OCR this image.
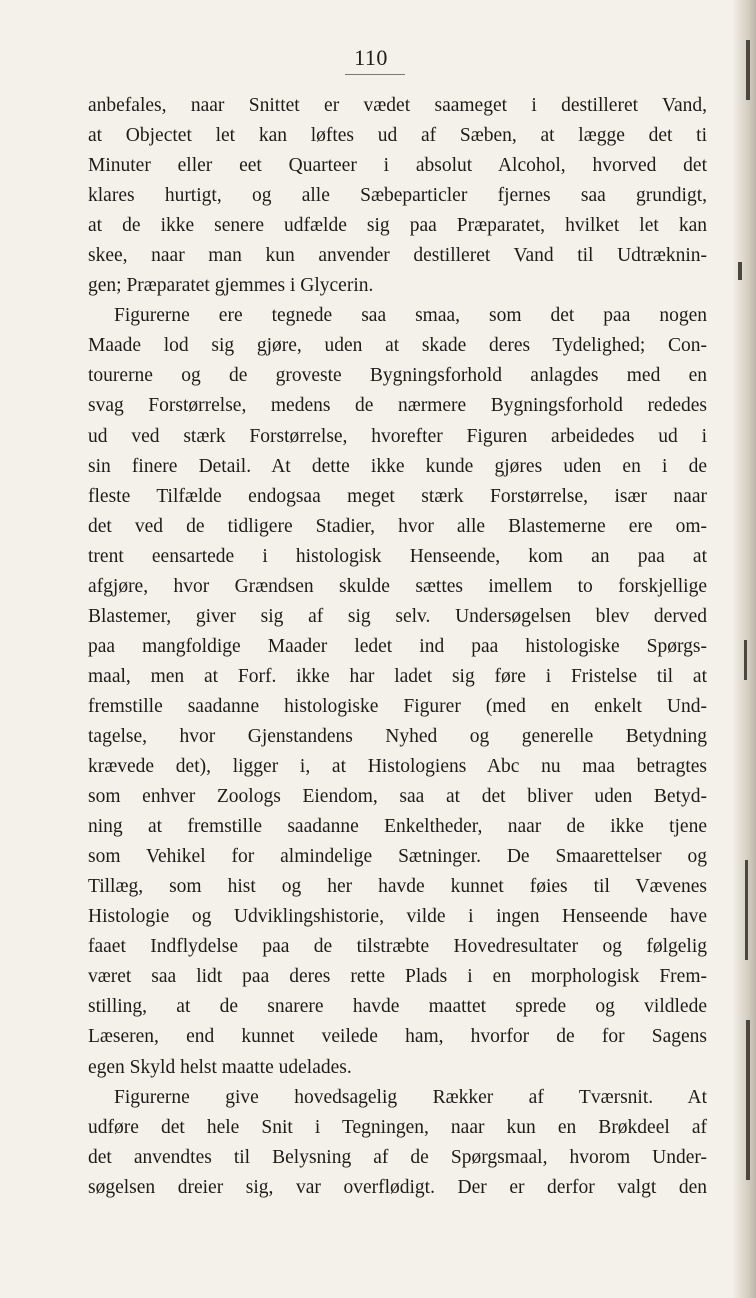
110
anbefales, naar Snittet er vædet saameget i destilleret Vand,
at Objectet let kan løftes ud af Sæben, at lægge det ti
Minuter eller eet Quarteer i absolut Alcohol, hvorved det
klares hurtigt, og alle Sæbeparticler fjernes saa grundigt,
at de ikke senere udfælde sig paa Præparatet, hvilket let kan
skee, naar man kun anvender destilleret Vand til Udtræknin-
gen; Præparatet gjemmes i Glycerin.
Figurerne ere tegnede saa smaa, som det paa nogen
Maade lod sig gjøre, uden at skade deres Tydelighed; Con-
tourerne og de groveste Bygningsforhold anlagdes med en
svag Forstørrelse, medens de nærmere Bygningsforhold rededes
ud ved stærk Forstørrelse, hvorefter Figuren arbeidedes ud i
sin finere Detail. At dette ikke kunde gjøres uden en i de
fleste Tilfælde endogsaa meget stærk Forstørrelse, især naar
det ved de tidligere Stadier, hvor alle Blastemerne ere om-
trent eensartede i histologisk Henseende, kom an paa at
afgjøre, hvor Grændsen skulde sættes imellem to forskjellige
Blastemer, giver sig af sig selv. Undersøgelsen blev derved
paa mangfoldige Maader ledet ind paa histologiske Spørgs-
maal, men at Forf. ikke har ladet sig føre i Fristelse til at
fremstille saadanne histologiske Figurer (med en enkelt Und-
tagelse, hvor Gjenstandens Nyhed og generelle Betydning
krævede det), ligger i, at Histologiens Abc nu maa betragtes
som enhver Zoologs Eiendom, saa at det bliver uden Betyd-
ning at fremstille saadanne Enkeltheder, naar de ikke tjene
som Vehikel for almindelige Sætninger. De Smaarettelser og
Tillæg, som hist og her havde kunnet føies til Vævenes
Histologie og Udviklingshistorie, vilde i ingen Henseende have
faaet Indflydelse paa de tilstræbte Hovedresultater og følgelig
været saa lidt paa deres rette Plads i en morphologisk Frem-
stilling, at de snarere havde maattet sprede og vildlede
Læseren, end kunnet veilede ham, hvorfor de for Sagens
egen Skyld helst maatte udelades.
Figurerne give hovedsagelig Rækker af Tværsnit. At
udføre det hele Snit i Tegningen, naar kun en Brøkdeel af
det anvendtes til Belysning af de Spørgsmaal, hvorom Under-
søgelsen dreier sig, var overflødigt. Der er derfor valgt den
